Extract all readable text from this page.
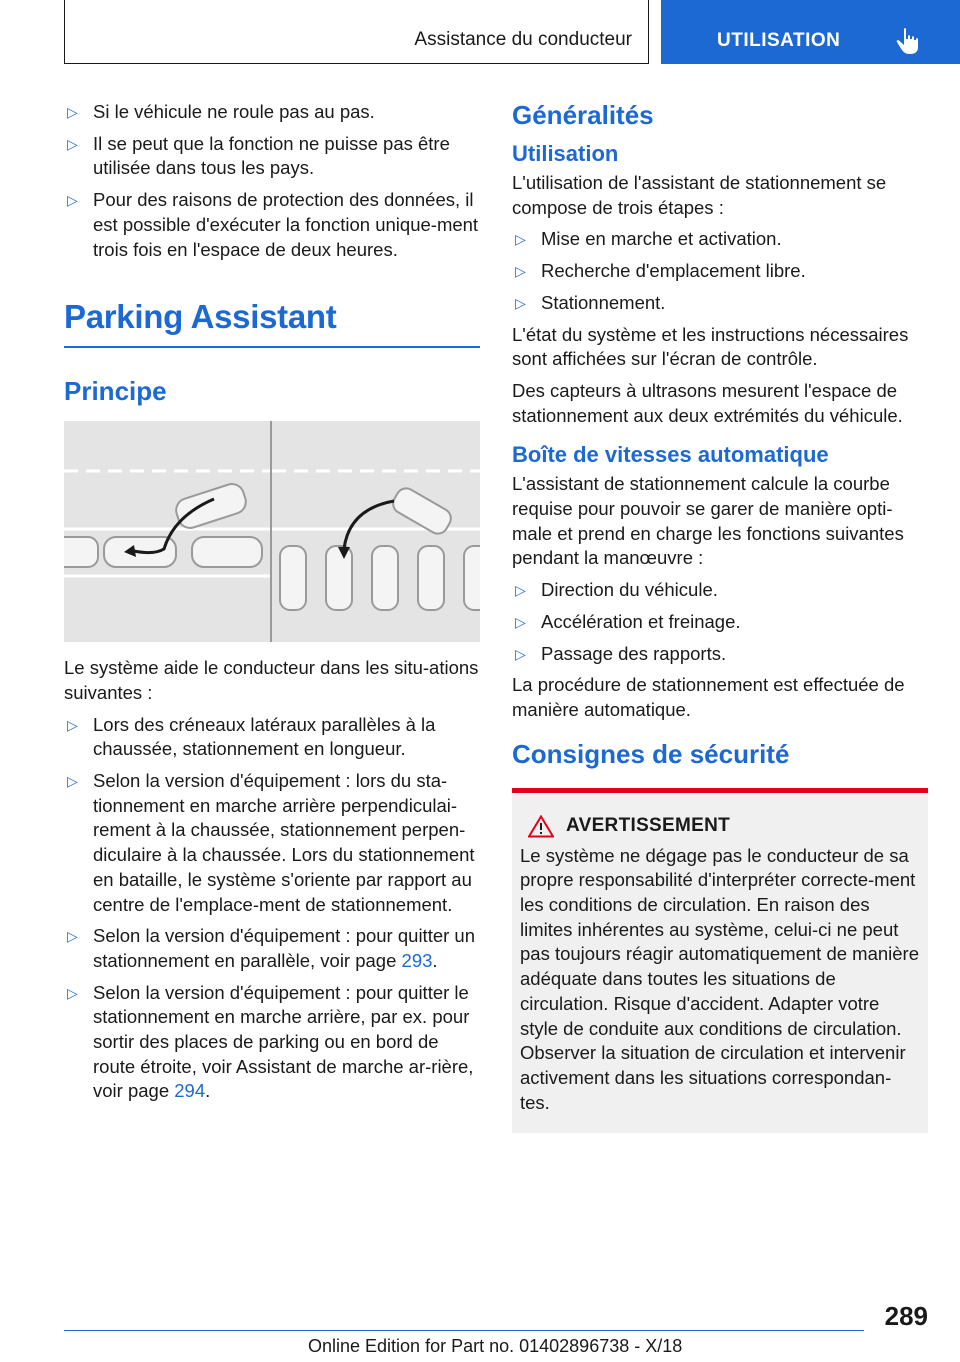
Assistance du conducteur	UTILISATION
▷ Si le véhicule ne roule pas au pas.
▷ Il se peut que la fonction ne puisse pas être utilisée dans tous les pays.
▷ Pour des raisons de protection des données, il est possible d'exécuter la fonction unique-ment trois fois en l'espace de deux heures.
Parking Assistant
Principe

Le système aide le conducteur dans les situ-ations suivantes :

▷ Lors des créneaux latéraux parallèles à la chaussée, stationnement en longueur.
▷ Selon la version d'équipement : lors du sta-tionnement en marche arrière perpendiculai-rement à la chaussée, stationnement perpen-diculaire à la chaussée. Lors du stationnement en bataille, le système s'oriente par rapport au centre de l'emplace-ment de stationnement.
▷ Selon la version d'équipement : pour quitter un stationnement en parallèle, voir page 293.
▷ Selon la version d'équipement : pour quitter le stationnement en marche arrière, par ex. pour sortir des places de parking ou en bord de route étroite, voir Assistant de marche ar-rière, voir page 294.
Généralités
Utilisation

L'utilisation de l'assistant de stationnement se compose de trois étapes :

▷ Mise en marche et activation.
▷ Recherche d'emplacement libre.
▷ Stationnement.

L'état du système et les instructions nécessaires sont affichées sur l'écran de contrôle.

Des capteurs à ultrasons mesurent l'espace de stationnement aux deux extrémités du véhicule.

Boîte de vitesses automatique

L'assistant de stationnement calcule la courbe requise pour pouvoir se garer de manière opti-male et prend en charge les fonctions suivantes pendant la manœuvre :

▷ Direction du véhicule.
▷ Accélération et freinage.
▷ Passage des rapports.

La procédure de stationnement est effectuée de manière automatique.

Consignes de sécurité
AVERTISSEMENT

Le système ne dégage pas le conducteur de sa propre responsabilité d'interpréter correcte-ment les conditions de circulation. En raison des limites inhérentes au système, celui-ci ne peut pas toujours réagir automatiquement de manière adéquate dans toutes les situations de circulation. Risque d'accident. Adapter votre style de conduite aux conditions de circulation. Observer la situation de circulation et intervenir activement dans les situations correspondan-tes.

289
Online Edition for Part no. 01402896738 - X/18
